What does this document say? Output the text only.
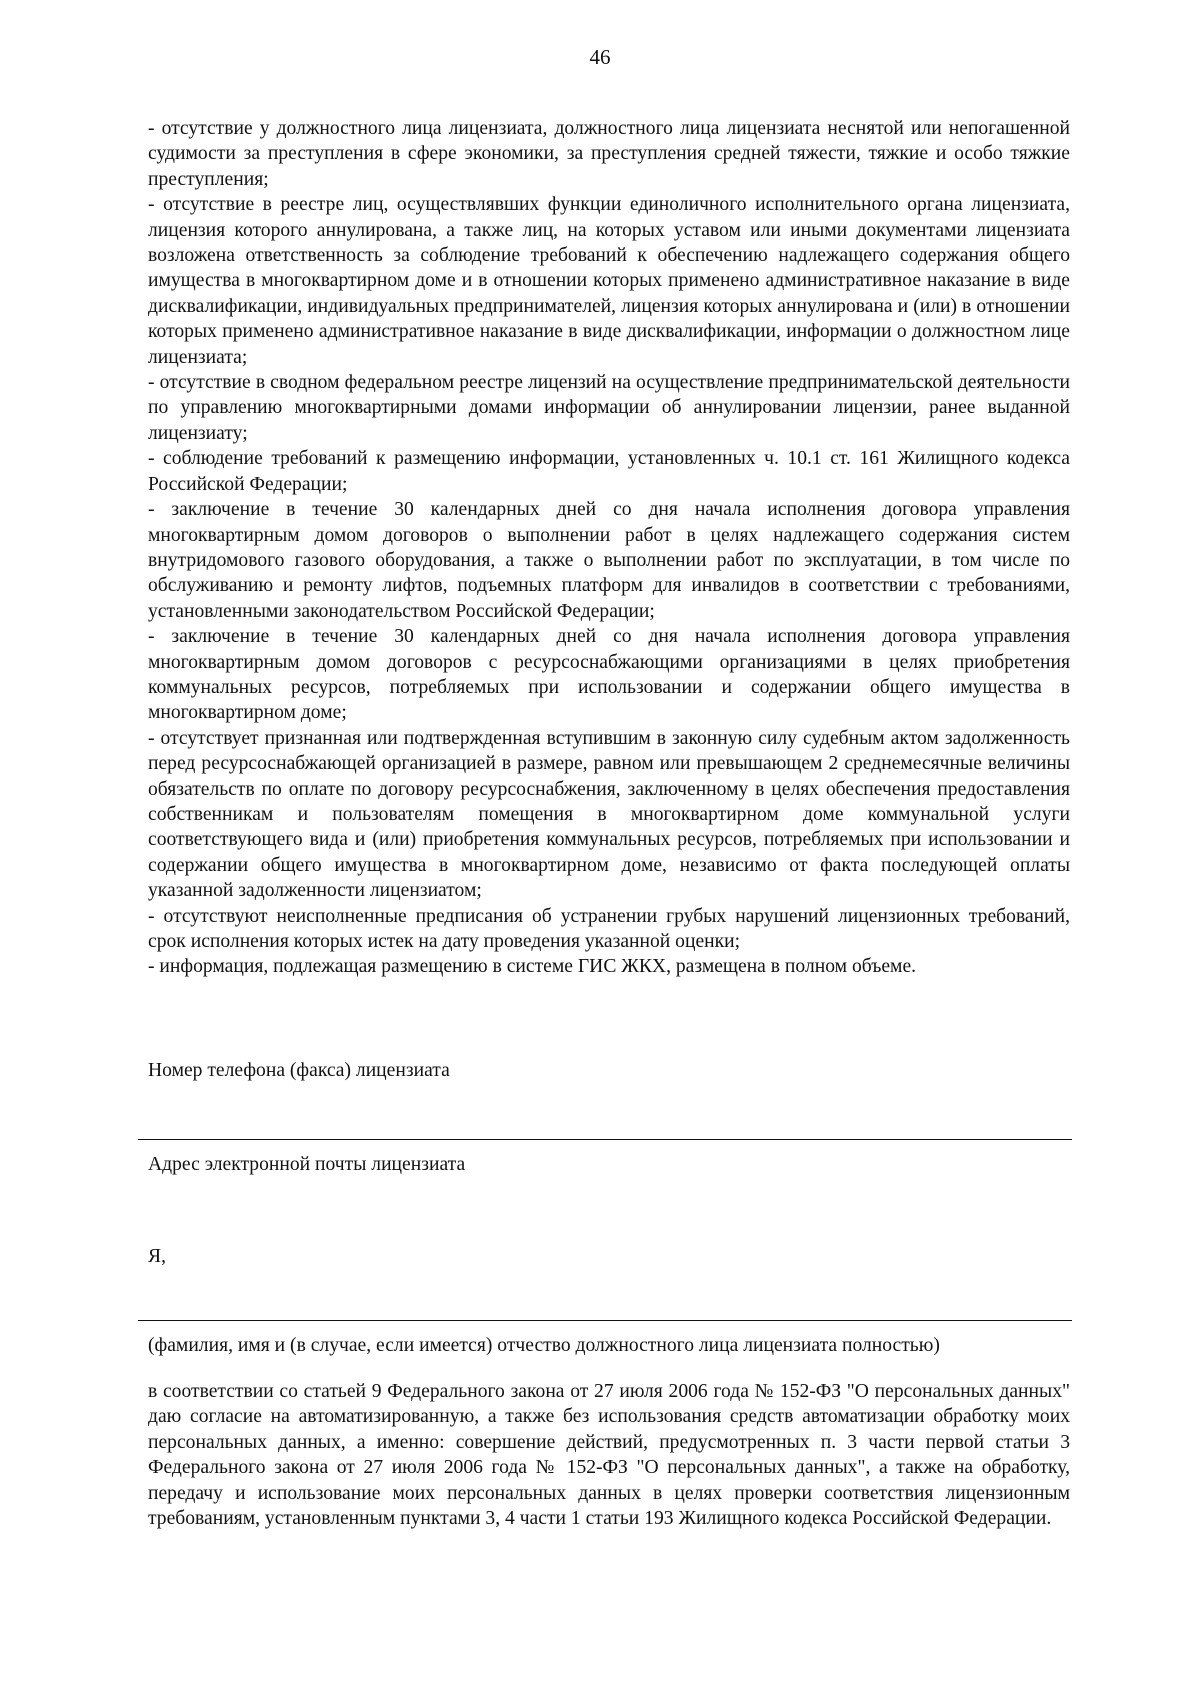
46

- отсутствие у должностного лица лицензиата, должностного лица лицензиата неснятой или непогашенной судимости за преступления в сфере экономики, за преступления средней тяжести, тяжкие и особо тяжкие преступления;

- отсутствие в реестре лиц, осуществлявших функции единоличного исполнительного органа лицензиата, лицензия которого аннулирована, а также лиц, на которых уставом или иными документами лицензиата возложена ответственность за соблюдение требований к обеспечению надлежащего содержания общего имущества в многоквартирном доме и в отношении которых применено административное наказание в виде дисквалификации, индивидуальных предпринимателей, лицензия которых аннулирована и (или) в отношении которых применено административное наказание в виде дисквалификации, информации о должностном лице лицензиата;

- отсутствие в сводном федеральном реестре лицензий на осуществление предпринимательской деятельности по управлению многоквартирными домами информации об аннулировании лицензии, ранее выданной лицензиату;

- соблюдение требований к размещению информации, установленных ч. 10.1 ст. 161 Жилищного кодекса Российской Федерации;

- заключение в течение 30 календарных дней со дня начала исполнения договора управления многоквартирным домом договоров о выполнении работ в целях надлежащего содержания систем внутридомового газового оборудования, а также о выполнении работ по эксплуатации, в том числе по обслуживанию и ремонту лифтов, подъемных платформ для инвалидов в соответствии с требованиями, установленными законодательством Российской Федерации;

- заключение в течение 30 календарных дней со дня начала исполнения договора управления многоквартирным домом договоров с ресурсоснабжающими организациями в целях приобретения коммунальных ресурсов, потребляемых при использовании и содержании общего имущества в многоквартирном доме;

- отсутствует признанная или подтвержденная вступившим в законную силу судебным актом задолженность перед ресурсоснабжающей организацией в размере, равном или превышающем 2 среднемесячные величины обязательств по оплате по договору ресурсоснабжения, заключенному в целях обеспечения предоставления собственникам и пользователям помещения в многоквартирном доме коммунальной услуги соответствующего вида и (или) приобретения коммунальных ресурсов, потребляемых при использовании и содержании общего имущества в многоквартирном доме, независимо от факта последующей оплаты указанной задолженности лицензиатом;

- отсутствуют неисполненные предписания об устранении грубых нарушений лицензионных требований, срок исполнения которых истек на дату проведения указанной оценки;

- информация, подлежащая размещению в системе ГИС ЖКХ, размещена в полном объеме.

Номер телефона (факса) лицензиата
Адрес электронной почты лицензиата
Я,
(фамилия, имя и (в случае, если имеется) отчество должностного лица лицензиата полностью)

в соответствии со статьей 9 Федерального закона от 27 июля 2006 года № 152-ФЗ "О персональных данных" даю согласие на автоматизированную, а также без использования средств автоматизации обработку моих персональных данных, а именно: совершение действий, предусмотренных п. 3 части первой статьи 3 Федерального закона от 27 июля 2006 года № 152-ФЗ "О персональных данных", а также на обработку, передачу и использование моих персональных данных в целях проверки соответствия лицензионным требованиям, установленным пунктами 3, 4 части 1 статьи 193 Жилищного кодекса Российской Федерации.
